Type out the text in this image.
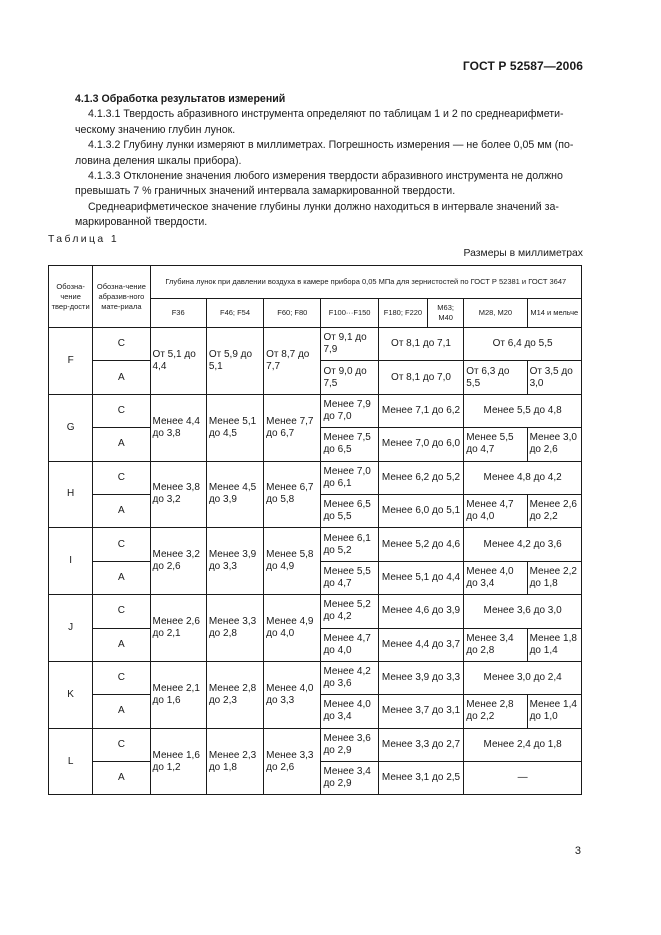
ГОСТ Р 52587—2006
4.1.3 Обработка результатов измерений

4.1.3.1 Твердость абразивного инструмента определяют по таблицам 1 и 2 по среднеарифмети-

ческому значению глубин лунок.

4.1.3.2 Глубину лунки измеряют в миллиметрах. Погрешность измерения — не более 0,05 мм (по-

ловина деления шкалы прибора).

4.1.3.3 Отклонение значения любого измерения твердости абразивного инструмента не должно

превышать 7 % граничных значений интервала замаркированной твердости.

Среднеарифметическое значение глубины лунки должно находиться в интервале значений за-

маркированной твердости.

Таблица 1
Размеры в миллиметрах
Обозна-чение твер-дости	Обозна-чение абразив-ного мате-риала	Глубина лунок при давлении воздуха в камере прибора 0,05 МПа для зернистостей по ГОСТ Р 52381 и ГОСТ 3647							
		F36	F46; F54	F60; F80	F100···F150	F180; F220	M63; M40	M28, M20	M14 и мельче
F	C	От 5,1 до 4,4	От 5,9 до 5,1	От 8,7 до 7,7	От 9,1 до 7,9	От 8,1 до 7,1		От 6,4 до 5,5	
	A				От 9,0 до 7,5	От 8,1 до 7,0		От 6,3 до 5,5	От 3,5 до 3,0
G	C	Менее 4,4 до 3,8	Менее 5,1 до 4,5	Менее 7,7 до 6,7	Менее 7,9 до 7,0	Менее 7,1 до 6,2		Менее 5,5 до 4,8	
	A				Менее 7,5 до 6,5	Менее 7,0 до 6,0		Менее 5,5 до 4,7	Менее 3,0 до 2,6
H	C	Менее 3,8 до 3,2	Менее 4,5 до 3,9	Менее 6,7 до 5,8	Менее 7,0 до 6,1	Менее 6,2 до 5,2		Менее 4,8 до 4,2	
	A				Менее 6,5 до 5,5	Менее 6,0 до 5,1		Менее 4,7 до 4,0	Менее 2,6 до 2,2
I	C	Менее 3,2 до 2,6	Менее 3,9 до 3,3	Менее 5,8 до 4,9	Менее 6,1 до 5,2	Менее 5,2 до 4,6		Менее 4,2 до 3,6	
	A				Менее 5,5 до 4,7	Менее 5,1 до 4,4		Менее 4,0 до 3,4	Менее 2,2 до 1,8
J	C	Менее 2,6 до 2,1	Менее 3,3 до 2,8	Менее 4,9 до 4,0	Менее 5,2 до 4,2	Менее 4,6 до 3,9		Менее 3,6 до 3,0	
	A				Менее 4,7 до 4,0	Менее 4,4 до 3,7		Менее 3,4 до 2,8	Менее 1,8 до 1,4
K	C	Менее 2,1 до 1,6	Менее 2,8 до 2,3	Менее 4,0 до 3,3	Менее 4,2 до 3,6	Менее 3,9 до 3,3		Менее 3,0 до 2,4	
	A				Менее 4,0 до 3,4	Менее 3,7 до 3,1		Менее 2,8 до 2,2	Менее 1,4 до 1,0
L	C	Менее 1,6 до 1,2	Менее 2,3 до 1,8	Менее 3,3 до 2,6	Менее 3,6 до 2,9	Менее 3,3 до 2,7		Менее 2,4 до 1,8	
	A				Менее 3,4 до 2,9	Менее 3,1 до 2,5		—	
3
